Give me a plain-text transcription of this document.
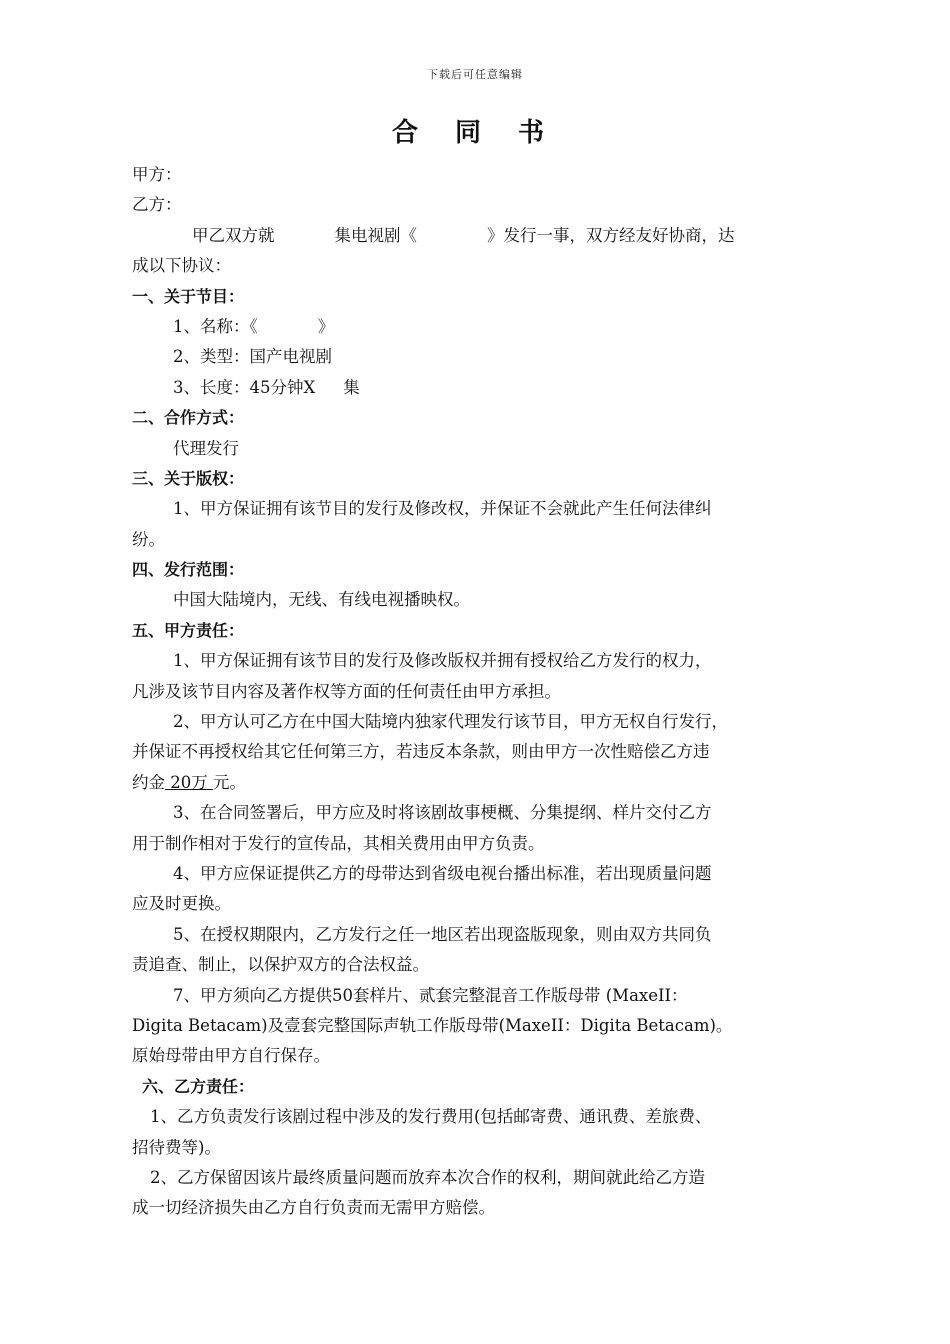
下载后可任意编辑
合 同 书
甲方：
乙方：
甲乙双方就	集电视剧《	》发行一事，双方经友好协商，达
成以下协议：
一、关于节目：
1、名称：《	》
2、类型：国产电视剧
3、长度：45分钟X 集
二、合作方式：
代理发行
三、关于版权：
1、甲方保证拥有该节目的发行及修改权，并保证不会就此产生任何法律纠
纷。
四、发行范围：
中国大陆境内，无线、有线电视播映权。
五、甲方责任：
1、甲方保证拥有该节目的发行及修改版权并拥有授权给乙方发行的权力，
凡涉及该节目内容及著作权等方面的任何责任由甲方承担。
2、甲方认可乙方在中国大陆境内独家代理发行该节目，甲方无权自行发行，
并保证不再授权给其它任何第三方，若违反本条款，则由甲方一次性赔偿乙方违
约金 20万 元。
3、在合同签署后，甲方应及时将该剧故事梗概、分集提纲、样片交付乙方
用于制作相对于发行的宣传品，其相关费用由甲方负责。
4、甲方应保证提供乙方的母带达到省级电视台播出标准，若出现质量问题
应及时更换。
5、在授权期限内，乙方发行之任一地区若出现盗版现象，则由双方共同负
责追查、制止，以保护双方的合法权益。
7、甲方须向乙方提供50套样片、贰套完整混音工作版母带 (MaxeII：
Digita Betacam)及壹套完整国际声轨工作版母带(MaxeII：Digita Betacam)。
原始母带由甲方自行保存。
六、乙方责任：
1、乙方负责发行该剧过程中涉及的发行费用(包括邮寄费、通讯费、差旅费、
招待费等)。
2、乙方保留因该片最终质量问题而放弃本次合作的权利，期间就此给乙方造
成一切经济损失由乙方自行负责而无需甲方赔偿。
